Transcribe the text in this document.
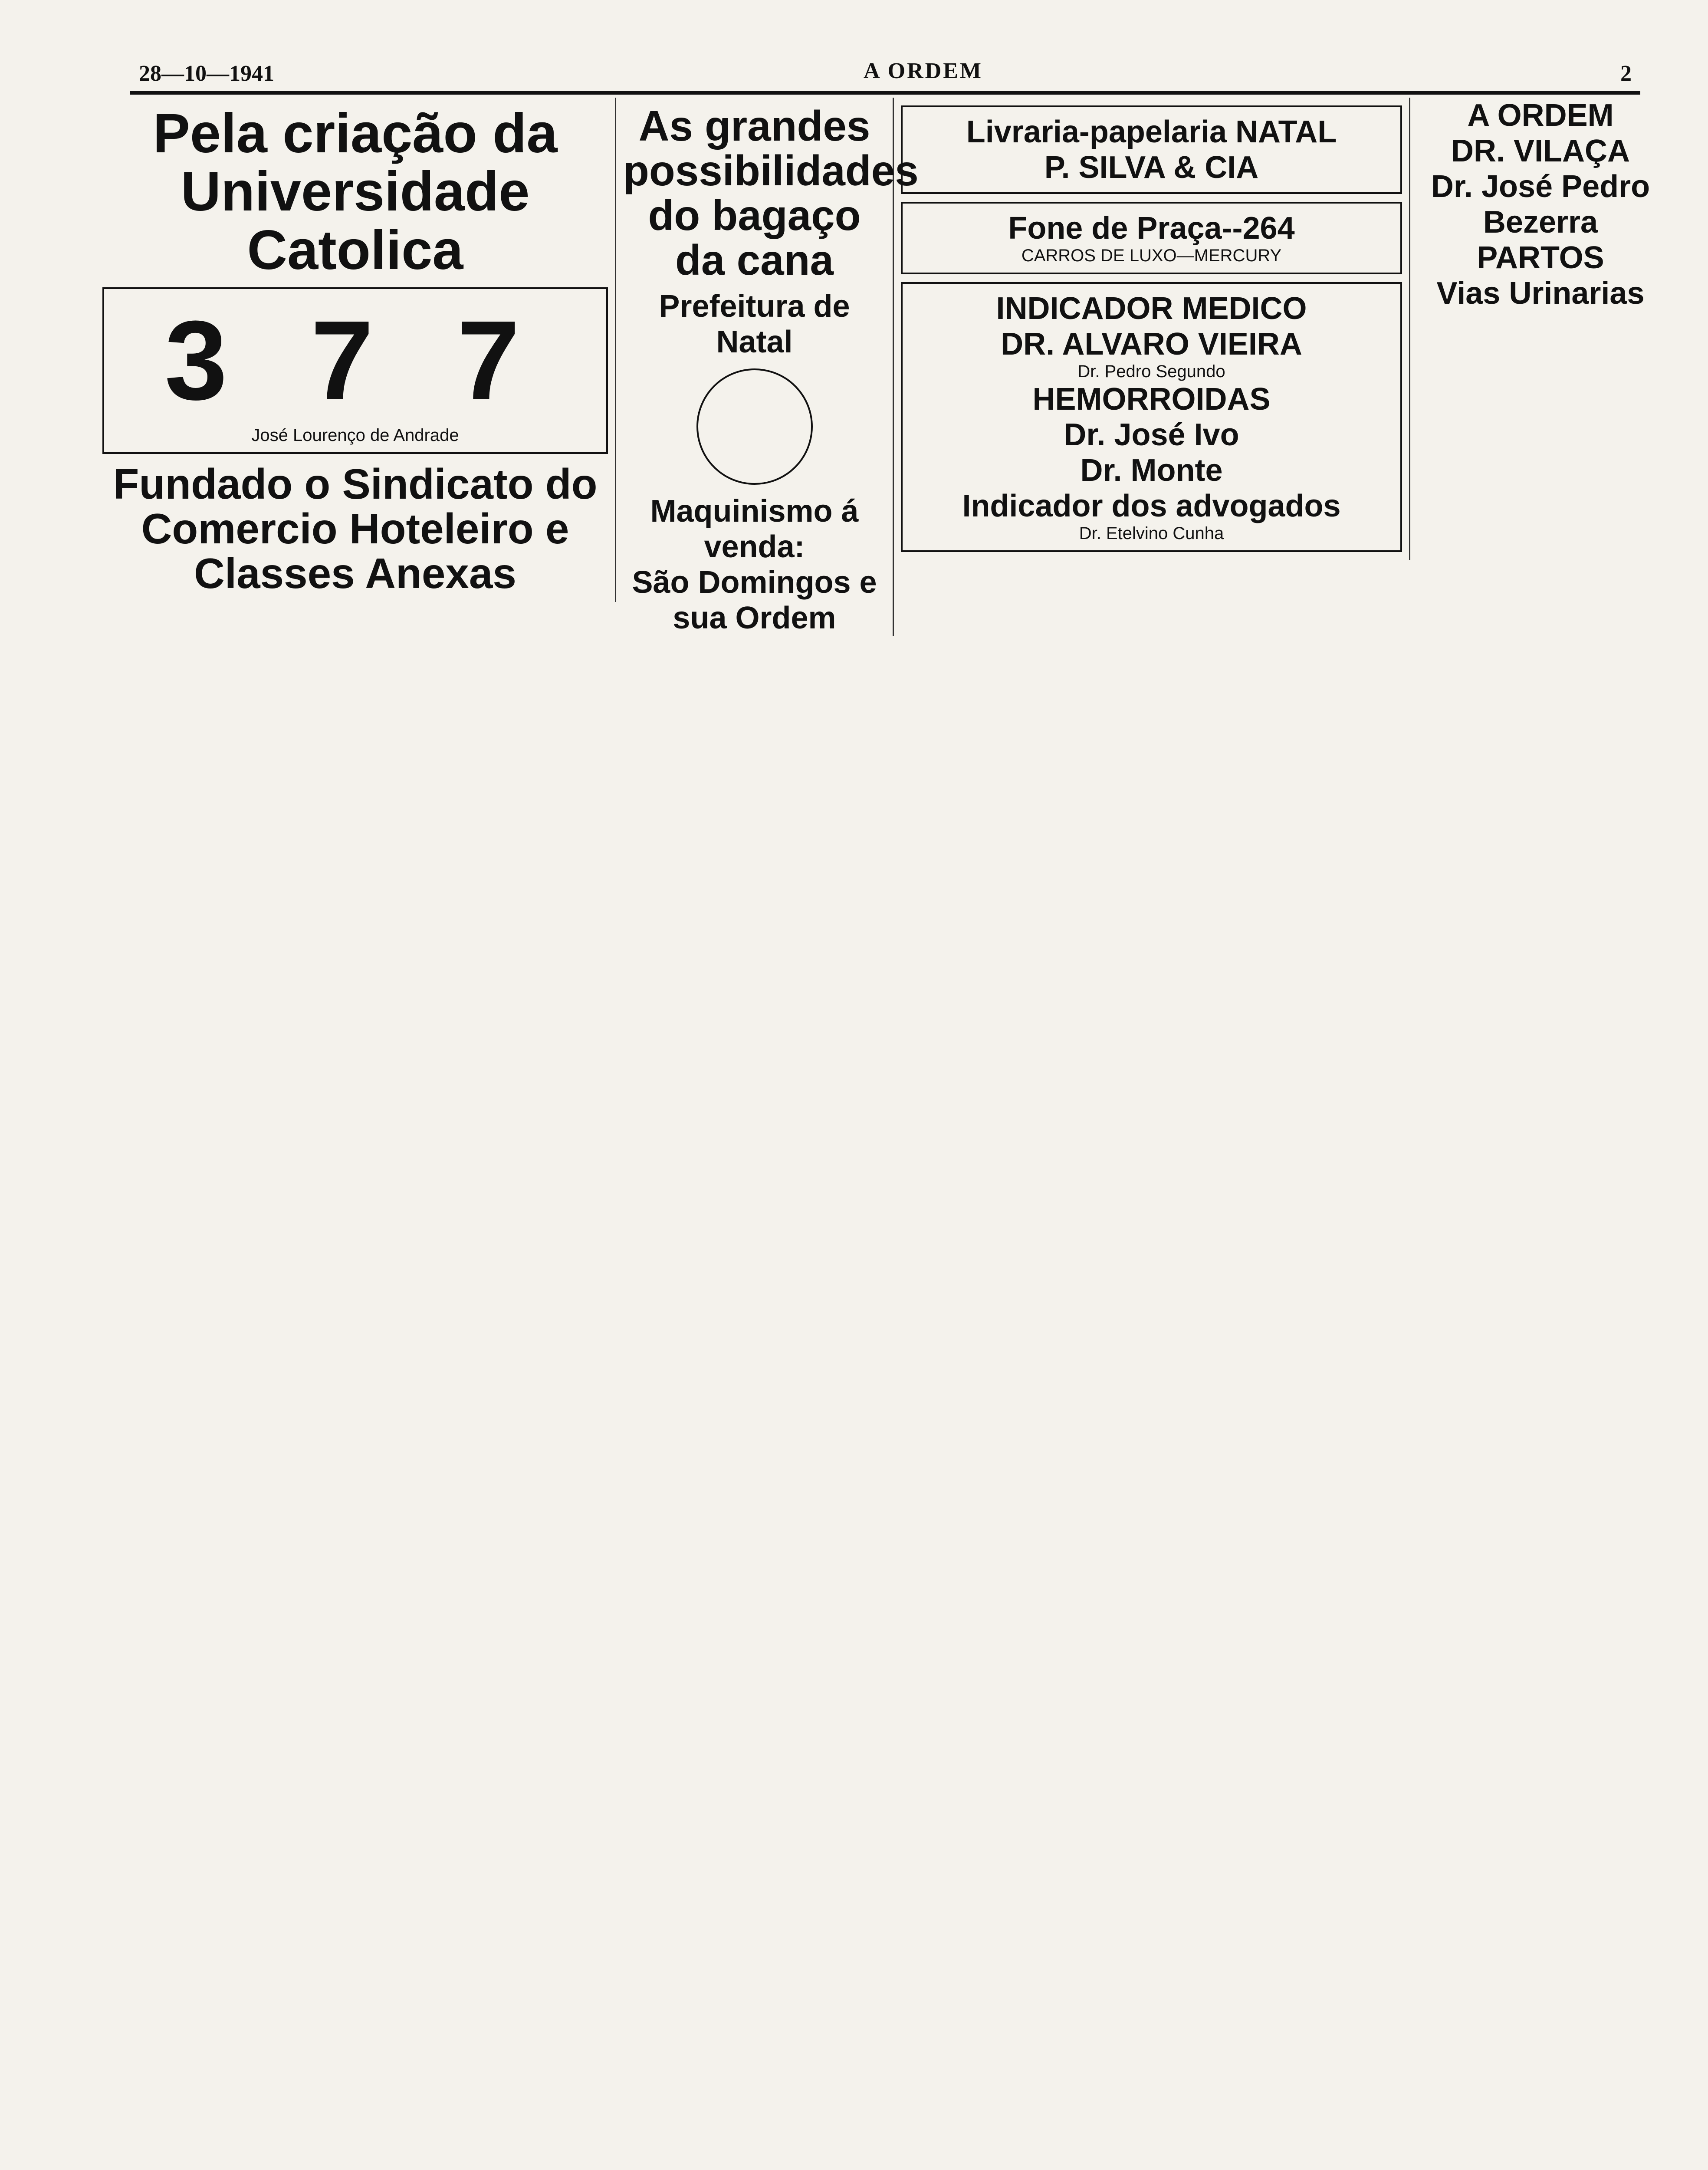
28—10—1941	A ORDEM	2
Pela criação da Universidade Catolica
3 7 7
José Lourenço de Andrade
Fundado o Sindicato do Comercio Hoteleiro e Classes Anexas
As grandes possibilidades do bagaço da cana
Prefeitura de Natal
Maquinismo á venda:
São Domingos e sua Ordem
Livraria-papelaria NATAL
P. SILVA & CIA
Fone de Praça--264
CARROS DE LUXO—MERCURY
INDICADOR MEDICO
DR. ALVARO VIEIRA
Dr. Pedro Segundo
HEMORROIDAS
Dr. José Ivo
Dr. Monte
Indicador dos advogados
Dr. Etelvino Cunha
A ORDEM
DR. VILAÇA
Dr. José Pedro Bezerra
PARTOS
Vias Urinarias
